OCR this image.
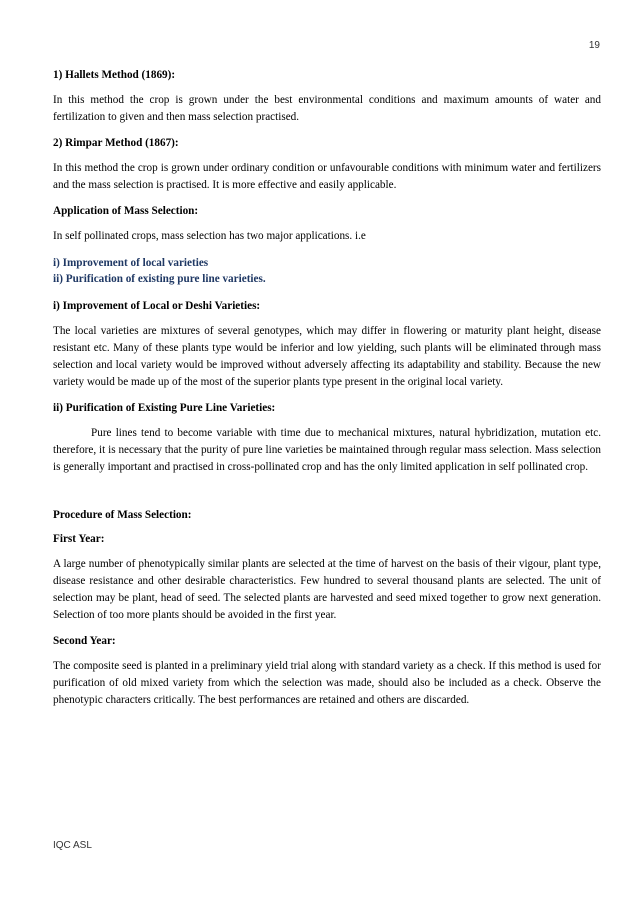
19
1) Hallets Method (1869):
In this method the crop is grown under the best environmental conditions and maximum amounts of water and fertilization to given and then mass selection practised.
2) Rimpar Method (1867):
In this method the crop is grown under ordinary condition or unfavourable conditions with minimum water and fertilizers and the mass selection is practised. It is more effective and easily applicable.
Application of Mass Selection:
In self pollinated crops, mass selection has two major applications. i.e
i) Improvement of local varieties
ii) Purification of existing pure line varieties.
i) Improvement of Local or Deshi Varieties:
The local varieties are mixtures of several genotypes, which may differ in flowering or maturity plant height, disease resistant etc. Many of these plants type would be inferior and low yielding, such plants will be eliminated through mass selection and local variety would be improved without adversely affecting its adaptability and stability. Because the new variety would be made up of the most of the superior plants type present in the original local variety.
ii) Purification of Existing Pure Line Varieties:
Pure lines tend to become variable with time due to mechanical mixtures, natural hybridization, mutation etc. therefore, it is necessary that the purity of pure line varieties be maintained through regular mass selection. Mass selection is generally important and practised in cross-pollinated crop and has the only limited application in self pollinated crop.
Procedure of Mass Selection:
First Year:
A large number of phenotypically similar plants are selected at the time of harvest on the basis of their vigour, plant type, disease resistance and other desirable characteristics. Few hundred to several thousand plants are selected. The unit of selection may be plant, head of seed. The selected plants are harvested and seed mixed together to grow next generation. Selection of too more plants should be avoided in the first year.
Second Year:
The composite seed is planted in a preliminary yield trial along with standard variety as a check. If this method is used for purification of old mixed variety from which the selection was made, should also be included as a check. Observe the phenotypic characters critically. The best performances are retained and others are discarded.
IQC ASL
